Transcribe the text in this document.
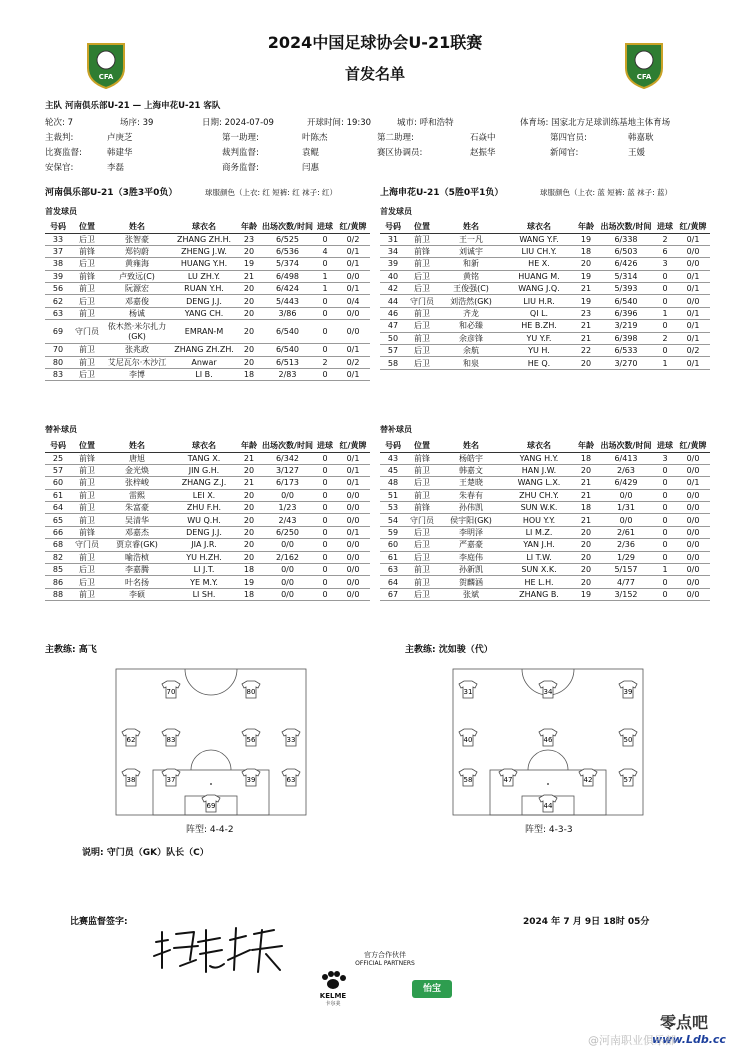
2024中国足球协会U-21联赛
首发名单
CFA	CFA
主队 河南俱乐部U-21 — 上海申花U-21 客队
轮次: 7	场序: 39	日期: 2024-07-09	开球时间: 19:30	城市: 呼和浩特	体育场: 国家北方足球训练基地主体育场
主裁判:	卢庚芝	第一助理:	叶陈杰	第二助理:	石焱中	第四官员:	韩嘉耿
比赛监督:	韩建华	裁判监督:	袁鲲	赛区协调员:	赵振华	新闻官:	王媛
安保官:	李磊	商务监督:	闫惠
河南俱乐部U-21（3胜3平0负）	球服颜色（上衣: 红 短裤: 红 袜子: 红）	上海申花U-21（5胜0平1负）	球服颜色（上衣: 蓝 短裤: 蓝 袜子: 蓝）
首发球员	首发球员
号码	位置	姓名	球衣名	年龄	出场次数/时间	进球	红/黄牌
33	后卫	张智豪	ZHANG ZH.H.	23	6/525	0	0/2
37	前锋	郑钧蔚	ZHENG J.W.	20	6/536	4	0/1
38	后卫	黄雍海	HUANG Y.H.	19	5/374	0	0/1
39	前锋	卢致远(C)	LU ZH.Y.	21	6/498	1	0/0
56	前卫	阮源宏	RUAN Y.H.	20	6/424	1	0/1
62	后卫	邓嘉俊	DENG J.J.	20	5/443	0	0/4
63	前卫	杨诚	YANG CH.	20	3/86	0	0/0
69	守门员	依木然·米尔扎力(GK)	EMRAN-M	20	6/540	0	0/0
70	前卫	张兆政	ZHANG ZH.ZH.	20	6/540	0	0/1
80	前卫	艾尼瓦尔·木沙江	Anwar	20	6/513	2	0/2
83	后卫	李博	LI B.	18	2/83	0	0/1
号码	位置	姓名	球衣名	年龄	出场次数/时间	进球	红/黄牌
31	前卫	王一凡	WANG Y.F.	19	6/338	2	0/1
34	前锋	刘诚宇	LIU CH.Y.	18	6/503	6	0/0
39	前卫	和新	HE X.	20	6/426	3	0/0
40	后卫	黄铭	HUANG M.	19	5/314	0	0/1
42	后卫	王俊强(C)	WANG J.Q.	21	5/393	0	0/1
44	守门员	刘浩然(GK)	LIU H.R.	19	6/540	0	0/0
46	前卫	齐龙	QI L.	23	6/396	1	0/1
47	后卫	和必臻	HE B.ZH.	21	3/219	0	0/1
50	前卫	余彦锋	YU Y.F.	21	6/398	2	0/1
57	后卫	余航	YU H.	22	6/533	0	0/2
58	后卫	和泉	HE Q.	20	3/270	1	0/1
替补球员	替补球员
号码	位置	姓名	球衣名	年龄	出场次数/时间	进球	红/黄牌
25	前锋	唐旭	TANG X.	21	6/342	0	0/1
57	前卫	金光焕	JIN G.H.	20	3/127	0	0/1
60	前卫	张梓峻	ZHANG Z.J.	21	6/173	0	0/1
61	前卫	雷熙	LEI X.	20	0/0	0	0/0
64	前卫	朱富豪	ZHU F.H.	20	1/23	0	0/0
65	前卫	吴清华	WU Q.H.	20	2/43	0	0/0
66	前锋	邓嘉杰	DENG J.J.	20	6/250	0	0/1
68	守门员	贾京睿(GK)	JIA J.R.	20	0/0	0	0/0
82	前卫	喻浩桢	YU H.ZH.	20	2/162	0	0/0
85	后卫	李嘉腾	LI J.T.	18	0/0	0	0/0
86	后卫	叶名扬	YE M.Y.	19	0/0	0	0/0
88	前卫	李硕	LI SH.	18	0/0	0	0/0
号码	位置	姓名	球衣名	年龄	出场次数/时间	进球	红/黄牌
43	前锋	杨皓宇	YANG H.Y.	18	6/413	3	0/0
45	前卫	韩嘉文	HAN J.W.	20	2/63	0	0/0
48	后卫	王楚晓	WANG L.X.	21	6/429	0	0/1
51	前卫	朱春有	ZHU CH.Y.	21	0/0	0	0/0
53	前锋	孙伟凯	SUN W.K.	18	1/31	0	0/0
54	守门员	侯宇阳(GK)	HOU Y.Y.	21	0/0	0	0/0
59	后卫	李明泽	LI M.Z.	20	2/61	0	0/0
60	后卫	严嘉豪	YAN J.H.	20	2/36	0	0/0
61	后卫	李庭伟	LI T.W.	20	1/29	0	0/0
63	前卫	孙新凯	SUN X.K.	20	5/157	1	0/0
64	前卫	贺麟涵	HE L.H.	20	4/77	0	0/0
67	后卫	张斌	ZHANG B.	19	3/152	0	0/0
主教练: 高飞	主教练: 沈如骏（代）
70	80
62	83	56	33
38	37	39	63
69
31	34	39
46
40	50
58	47	42	57
44
阵型: 4-4-2	阵型: 4-3-3
说明: 守门员（GK）队长（C）
比赛监督签字:	2024 年 7 月 9日 18时 05分
官方合作伙伴
OFFICIAL PARTNERS
KELME
卡尔美
怡宝
零点吧
www.Ldb.cc
@河南职业俱乐部
